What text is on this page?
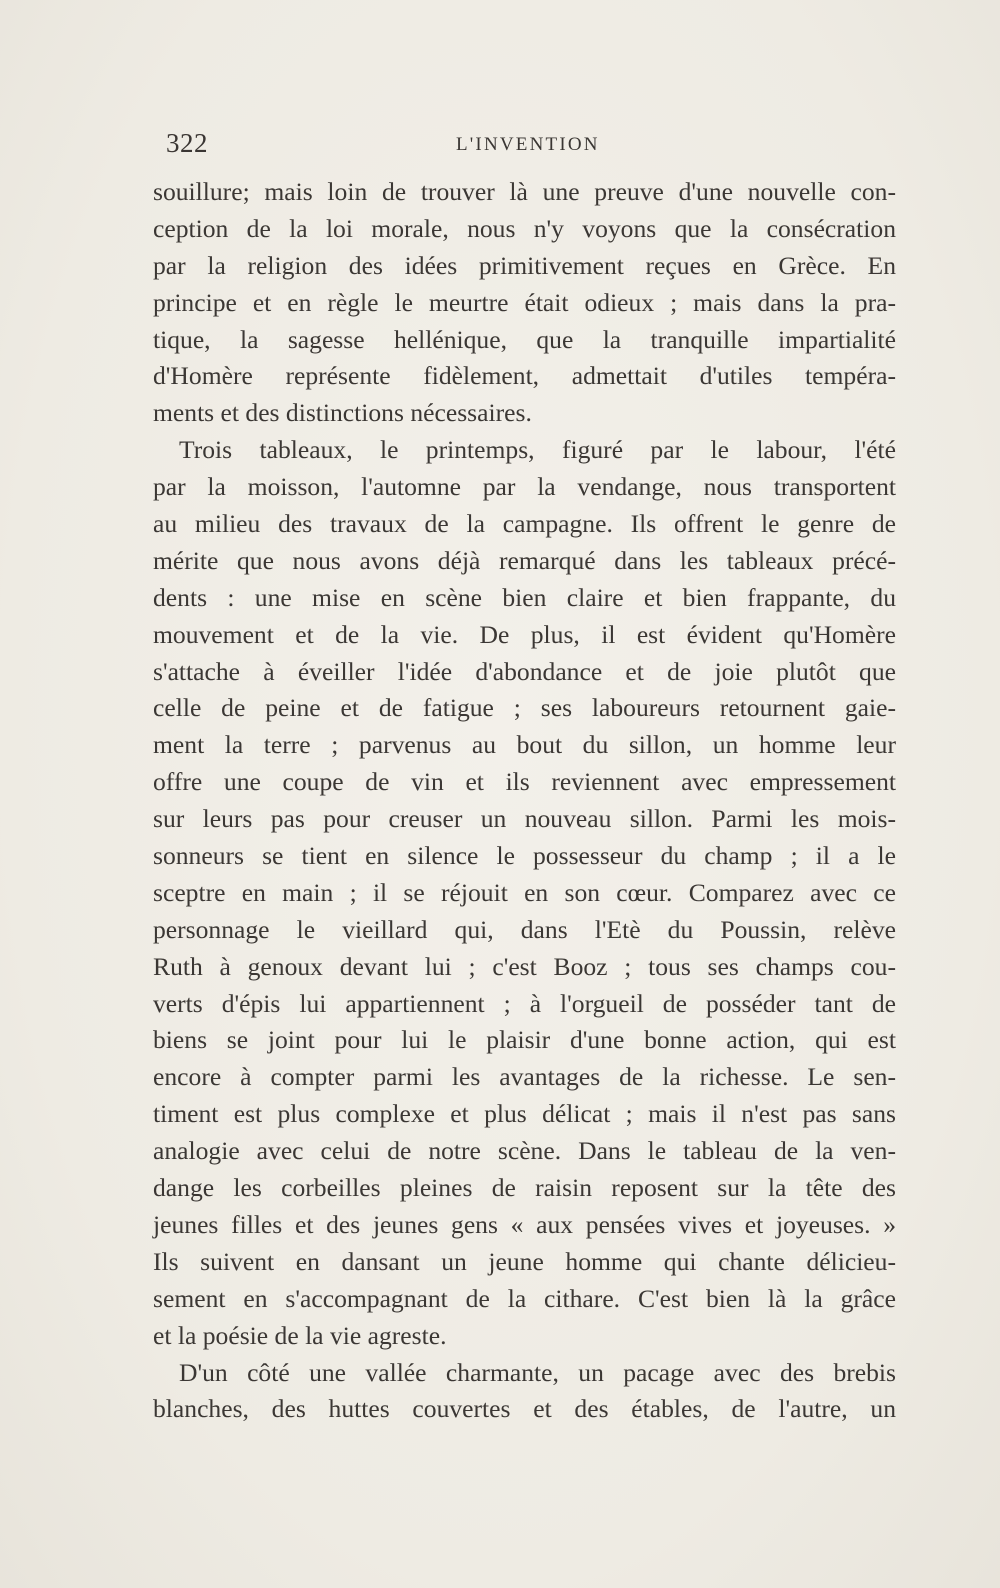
322	L'INVENTION
souillure; mais loin de trouver là une preuve d'une nouvelle con-
ception de la loi morale, nous n'y voyons que la consécration
par la religion des idées primitivement reçues en Grèce. En
principe et en règle le meurtre était odieux ; mais dans la pra-
tique, la sagesse hellénique, que la tranquille impartialité
d'Homère représente fidèlement, admettait d'utiles tempéra-
ments et des distinctions nécessaires.
Trois tableaux, le printemps, figuré par le labour, l'été
par la moisson, l'automne par la vendange, nous transportent
au milieu des travaux de la campagne. Ils offrent le genre de
mérite que nous avons déjà remarqué dans les tableaux précé-
dents : une mise en scène bien claire et bien frappante, du
mouvement et de la vie. De plus, il est évident qu'Homère
s'attache à éveiller l'idée d'abondance et de joie plutôt que
celle de peine et de fatigue ; ses laboureurs retournent gaie-
ment la terre ; parvenus au bout du sillon, un homme leur
offre une coupe de vin et ils reviennent avec empressement
sur leurs pas pour creuser un nouveau sillon. Parmi les mois-
sonneurs se tient en silence le possesseur du champ ; il a le
sceptre en main ; il se réjouit en son cœur. Comparez avec ce
personnage le vieillard qui, dans l'Etè du Poussin, relève
Ruth à genoux devant lui ; c'est Booz ; tous ses champs cou-
verts d'épis lui appartiennent ; à l'orgueil de posséder tant de
biens se joint pour lui le plaisir d'une bonne action, qui est
encore à compter parmi les avantages de la richesse. Le sen-
timent est plus complexe et plus délicat ; mais il n'est pas sans
analogie avec celui de notre scène. Dans le tableau de la ven-
dange les corbeilles pleines de raisin reposent sur la tête des
jeunes filles et des jeunes gens « aux pensées vives et joyeuses. »
Ils suivent en dansant un jeune homme qui chante délicieu-
sement en s'accompagnant de la cithare. C'est bien là la grâce
et la poésie de la vie agreste.
D'un côté une vallée charmante, un pacage avec des brebis
blanches, des huttes couvertes et des étables, de l'autre, un
